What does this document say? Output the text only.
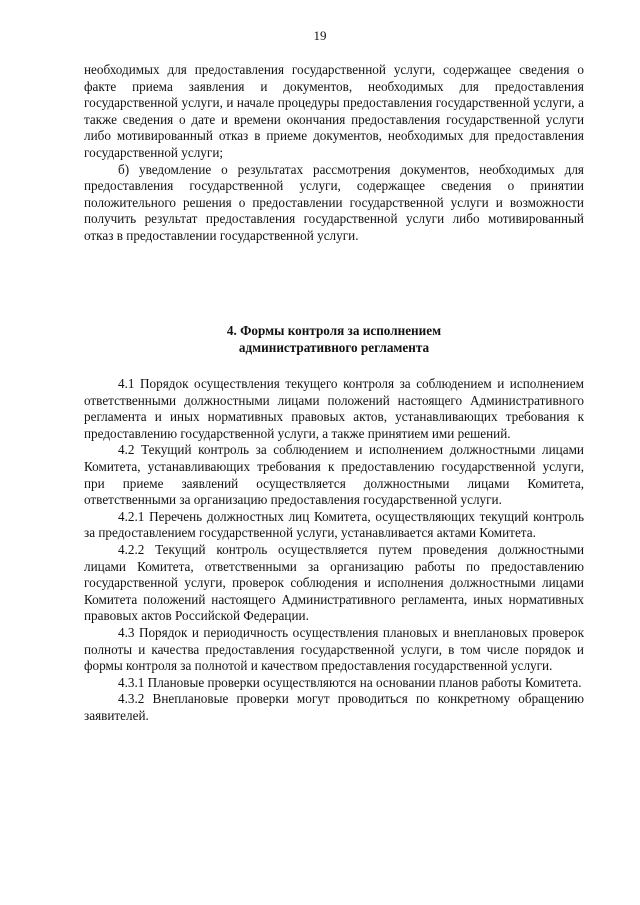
19

необходимых для предоставления государственной услуги, содержащее сведения о факте приема заявления и документов, необходимых для предоставления государственной услуги, и начале процедуры предоставления государственной услуги, а также сведения о дате и времени окончания предоставления государственной услуги либо мотивированный отказ в приеме документов, необходимых для предоставления государственной услуги;

б) уведомление о результатах рассмотрения документов, необходимых для предоставления государственной услуги, содержащее сведения о принятии положительного решения о предоставлении государственной услуги и возможности получить результат предоставления государственной услуги либо мотивированный отказ в предоставлении государственной услуги.

4. Формы контроля за исполнением
административного регламента

4.1 Порядок осуществления текущего контроля за соблюдением и исполнением ответственными должностными лицами положений настоящего Административного регламента и иных нормативных правовых актов, устанавливающих требования к предоставлению государственной услуги, а также принятием ими решений.

4.2 Текущий контроль за соблюдением и исполнением должностными лицами Комитета, устанавливающих требования к предоставлению государственной услуги, при приеме заявлений осуществляется должностными лицами Комитета, ответственными за организацию предоставления государственной услуги.

4.2.1 Перечень должностных лиц Комитета, осуществляющих текущий контроль за предоставлением государственной услуги, устанавливается актами Комитета.

4.2.2 Текущий контроль осуществляется путем проведения должностными лицами Комитета, ответственными за организацию работы по предоставлению государственной услуги, проверок соблюдения и исполнения должностными лицами Комитета положений настоящего Административного регламента, иных нормативных правовых актов Российской Федерации.

4.3 Порядок и периодичность осуществления плановых и внеплановых проверок полноты и качества предоставления государственной услуги, в том числе порядок и формы контроля за полнотой и качеством предоставления государственной услуги.

4.3.1 Плановые проверки осуществляются на основании планов работы Комитета.

4.3.2 Внеплановые проверки могут проводиться по конкретному обращению заявителей.
